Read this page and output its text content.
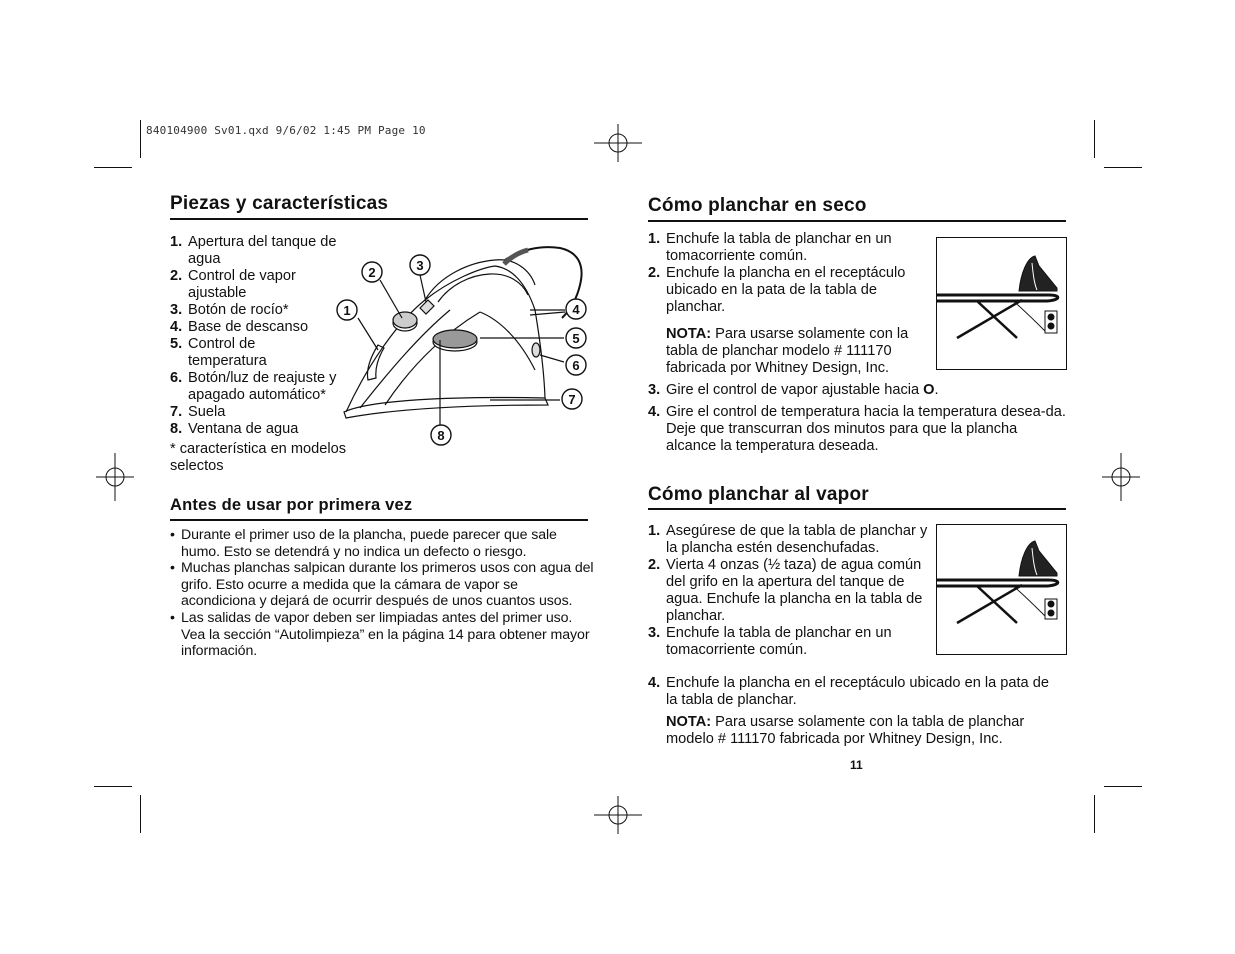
840104900 Sv01.qxd 9/6/02 1:45 PM Page 10
Piezas y características
1. Apertura del tanque de agua
2. Control de vapor ajustable
3. Botón de rocío*
4. Base de descanso
5. Control de temperatura
6. Botón/luz de reajuste y apagado automático*
7. Suela
8. Ventana de agua
* característica en modelos selectos
1
2	3
4
5
6
7
8
Antes de usar por primera vez
• Durante el primer uso de la plancha, puede parecer que sale humo. Esto se detendrá y no indica un defecto o riesgo.
• Muchas planchas salpican durante los primeros usos con agua del grifo. Esto ocurre a medida que la cámara de vapor se acondiciona y dejará de ocurrir después de unos cuantos usos.
• Las salidas de vapor deben ser limpiadas antes del primer uso. Vea la sección “Autolimpieza” en la página 14 para obtener mayor información.
Cómo planchar en seco
1. Enchufe la tabla de planchar en un tomacorriente común.
2. Enchufe la plancha en el receptáculo ubicado en la pata de la tabla de planchar.
NOTA: Para usarse solamente con la tabla de planchar modelo # 111170 fabricada por Whitney Design, Inc.
3. Gire el control de vapor ajustable hacia O.
4. Gire el control de temperatura hacia la temperatura desea-da. Deje que transcurran dos minutos para que la plancha alcance la temperatura deseada.
Cómo planchar al vapor
1. Asegúrese de que la tabla de planchar y la plancha estén desenchufadas.
2. Vierta 4 onzas (½ taza) de agua común del grifo en la apertura del tanque de agua. Enchufe la plancha en la tabla de planchar.
3. Enchufe la tabla de planchar en un tomacorriente común.
4. Enchufe la plancha en el receptáculo ubicado en la pata de la tabla de planchar.
NOTA: Para usarse solamente con la tabla de planchar modelo # 111170 fabricada por Whitney Design, Inc.
11
